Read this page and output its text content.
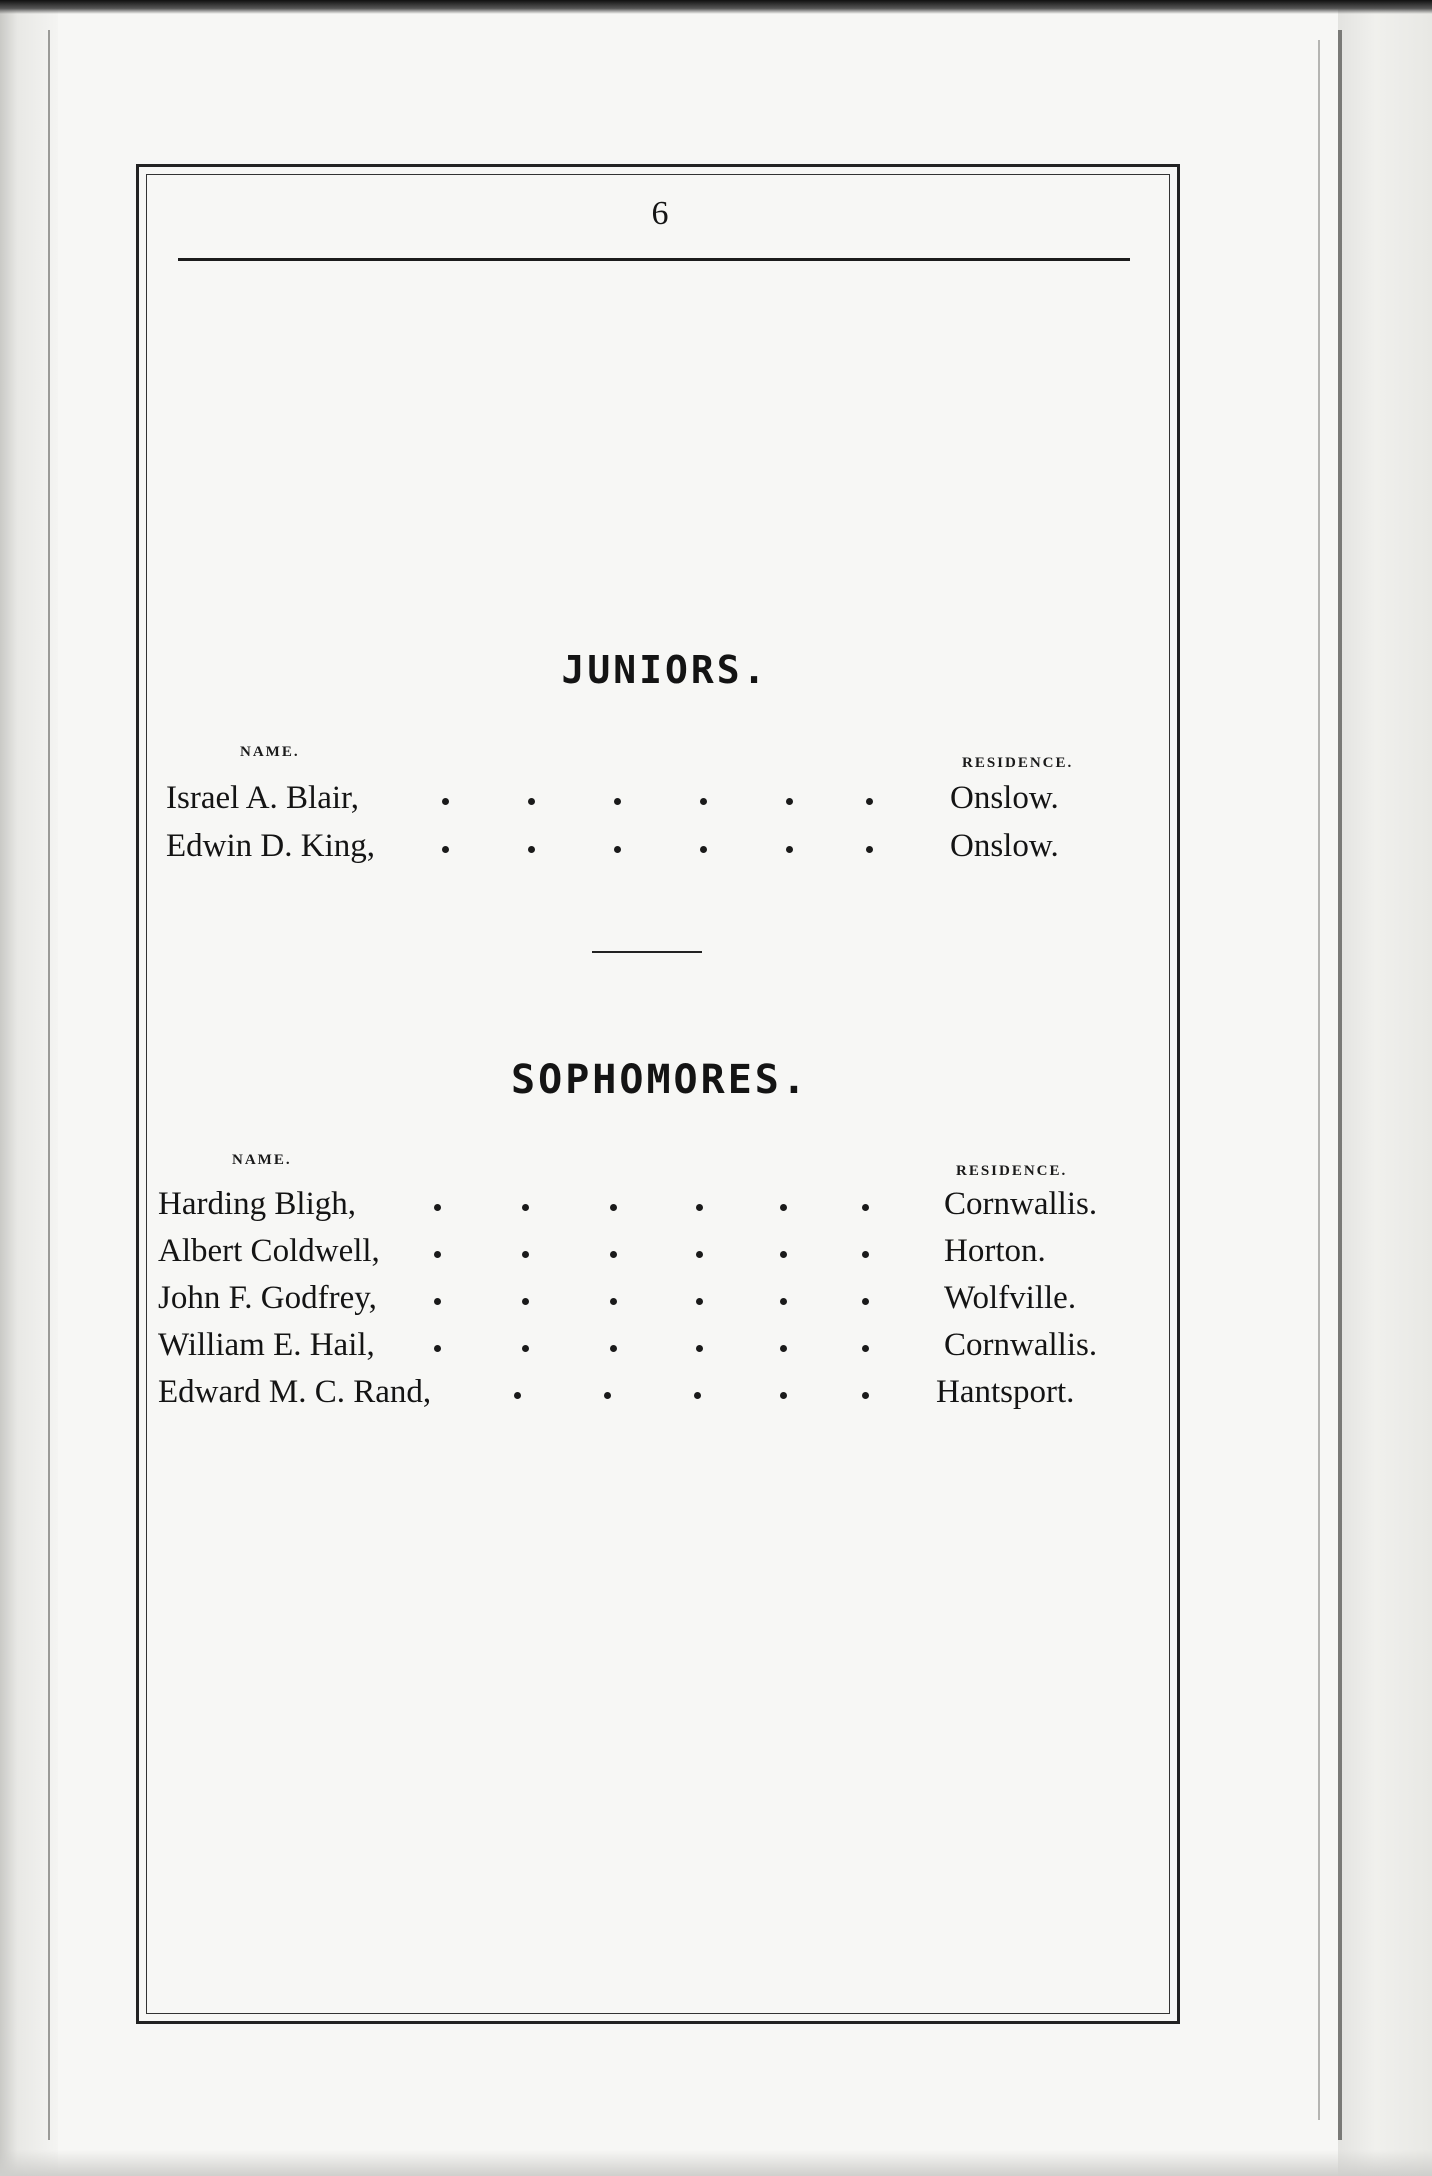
6
JUNIORS.
NAME.
RESIDENCE.
Israel A. Blair,	Onslow.
Edwin D. King,	Onslow.
SOPHOMORES.
NAME.
RESIDENCE.
Harding Bligh,	Cornwallis.
Albert Coldwell,	Horton.
John F. Godfrey,	Wolfville.
William E. Hail,	Cornwallis.
Edward M. C. Rand,	Hantsport.
